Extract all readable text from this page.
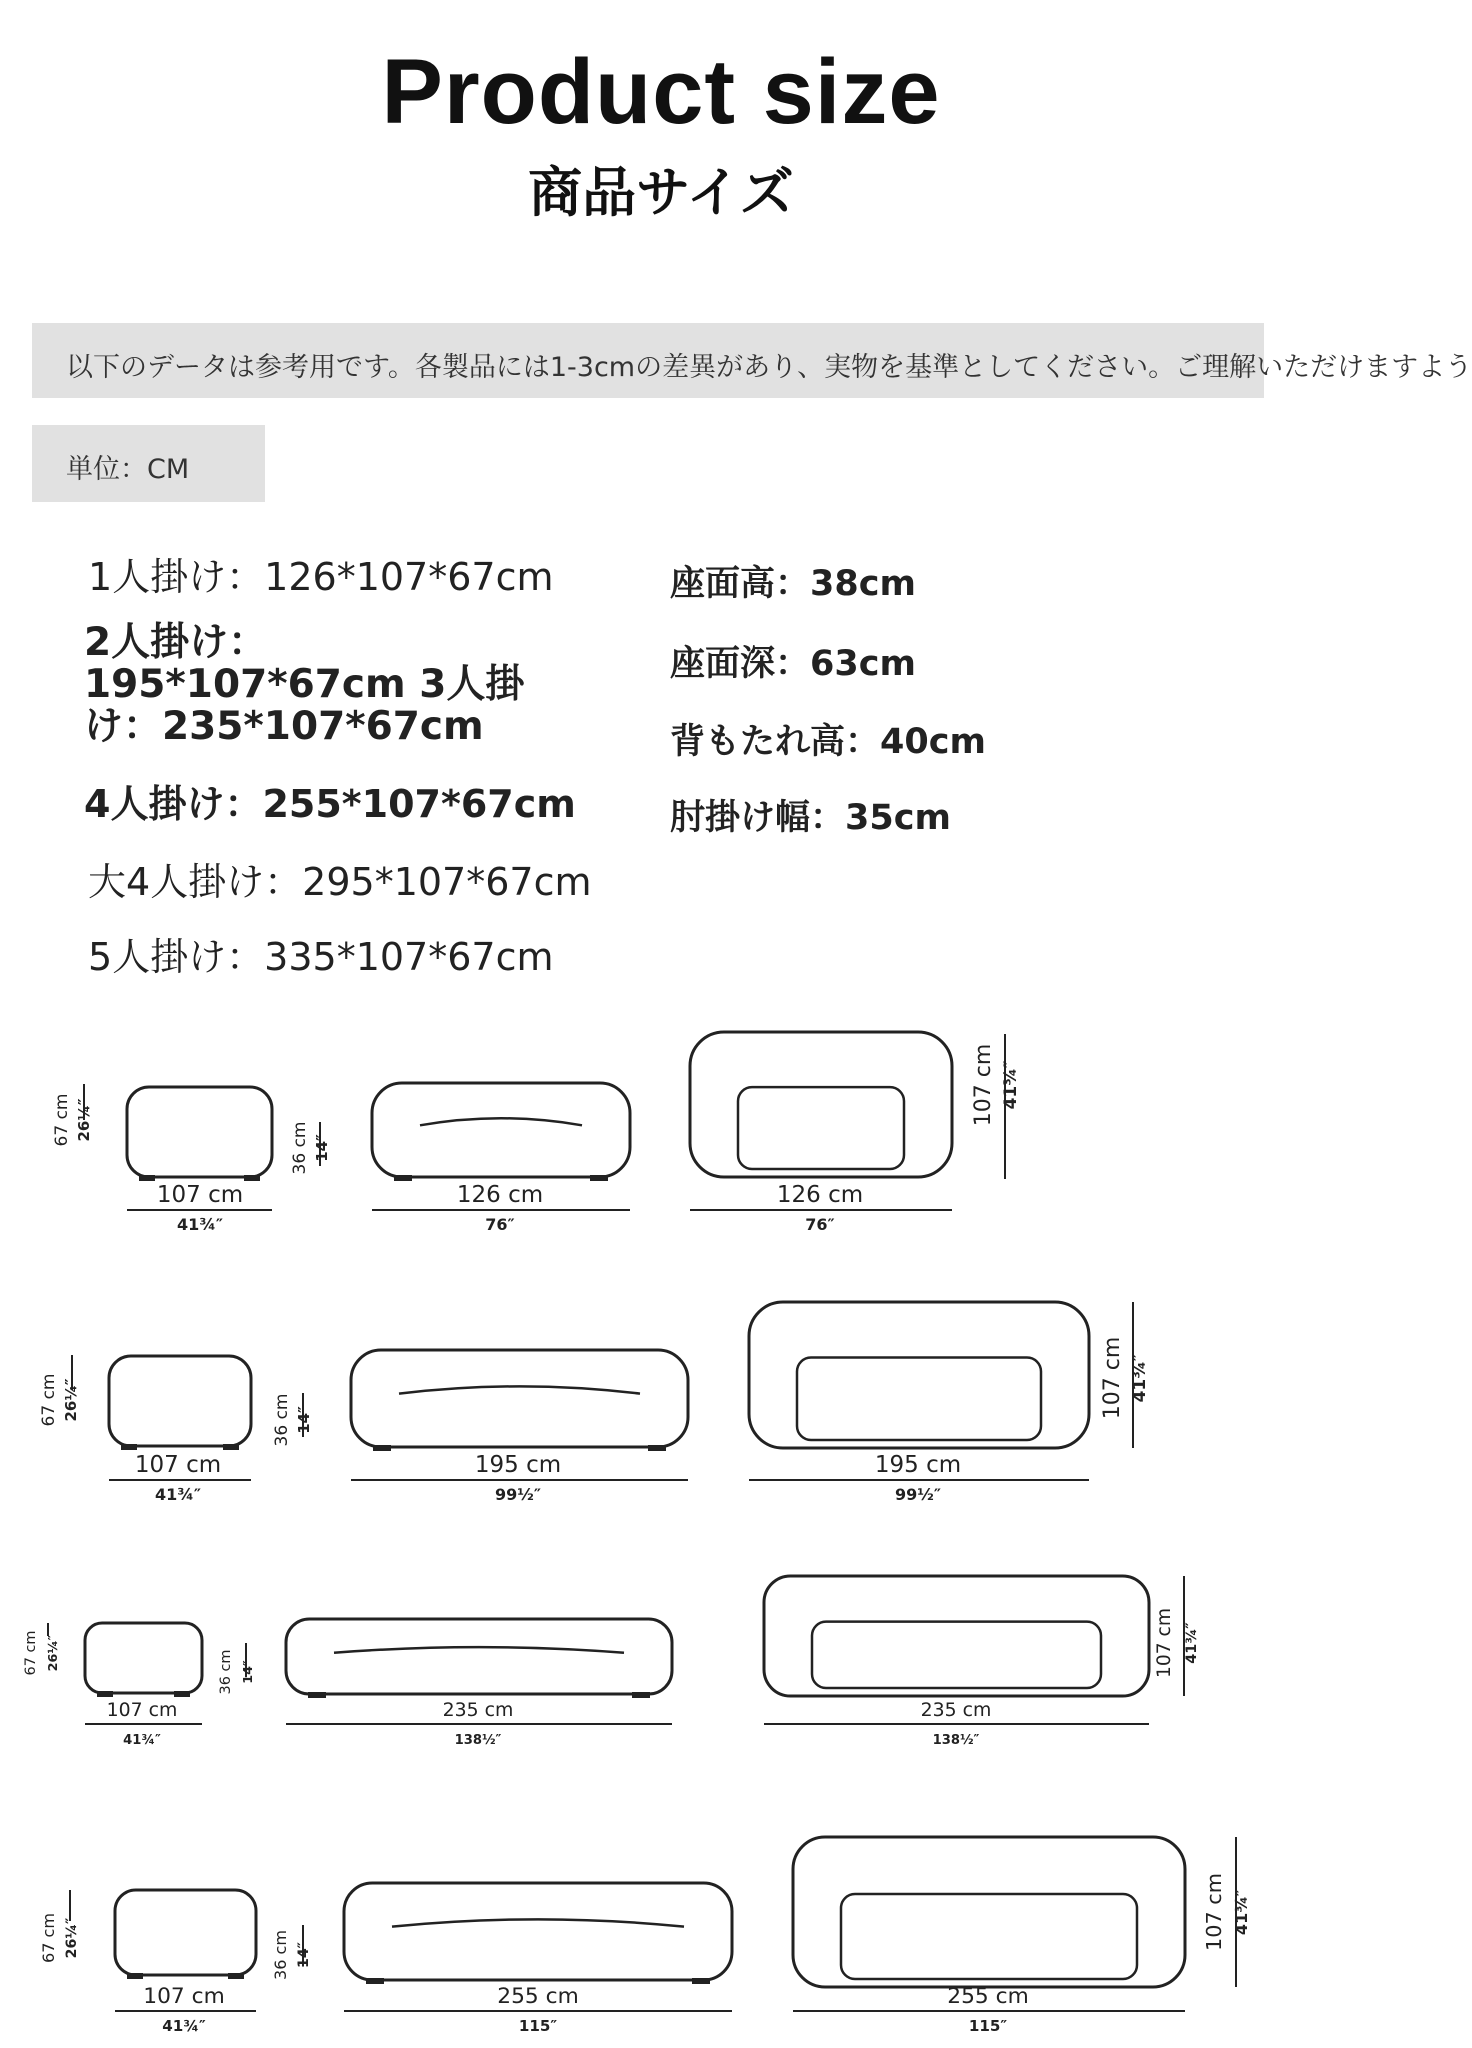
Product size
商品サイズ
以下のデータは参考用です。各製品には1-3cmの差異があり、実物を基準としてください。ご理解いただけますよう
単位：CM
1人掛け：126*107*67cm
2人掛け：195*107*67cm 3人掛け：235*107*67cm
4人掛け：255*107*67cm
大4人掛け：295*107*67cm
5人掛け：335*107*67cm
座面高：38cm
座面深：63cm
背もたれ高：40cm
肘掛け幅：35cm
107 cm
41¾″
126 cm
76″
126 cm
76″
67 cm 26¼″
36 cm 14″
107 cm 41¾″
107 cm
41¾″
195 cm
99½″
195 cm
99½″
67 cm 26¼″	36 cm 14″
107 cm 41¾″
107 cm
41¾″
235 cm
138½″
235 cm
138½″
67 cm 26¼″	36 cm 14″	107 cm 41¾″
107 cm
41¾″
255 cm
115″
255 cm
115″
67 cm 26¼″	36 cm 14″
107 cm 41¾″
